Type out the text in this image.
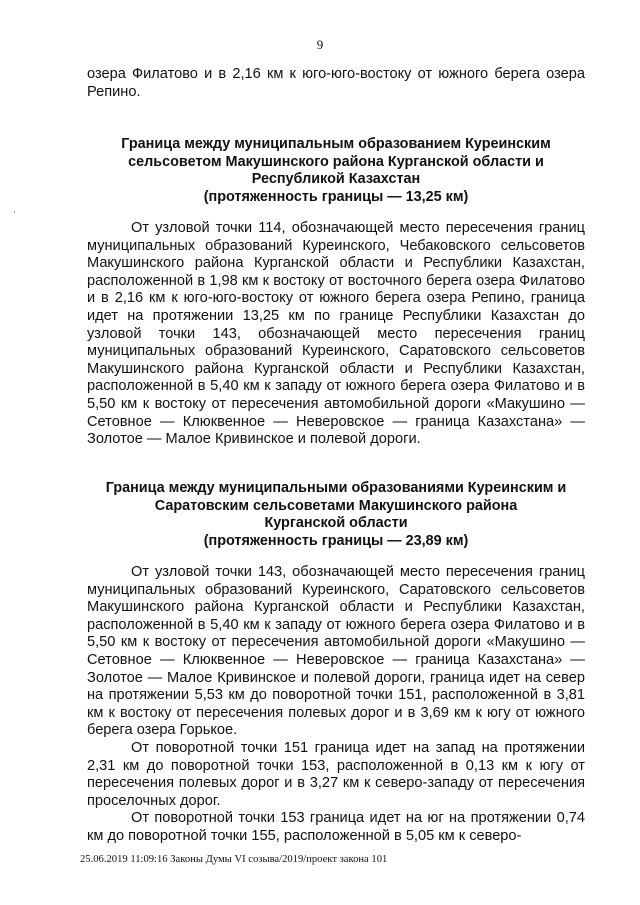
9

озера Филатово и в 2,16 км к юго-юго-востоку от южного берега озера Репино.

Граница между муниципальным образованием Куреинским
сельсоветом Макушинского района Курганской области и
Республикой Казахстан
(протяженность границы — 13,25 км)

От узловой точки 114, обозначающей место пересечения границ муниципальных образований Куреинского, Чебаковского сельсоветов Макушинского района Курганской области и Республики Казахстан, расположенной в 1,98 км к востоку от восточного берега озера Филатово и в 2,16 км к юго-юго-востоку от южного берега озера Репино, граница идет на протяжении 13,25 км по границе Республики Казахстан до узловой точки 143, обозначающей место пересечения границ муниципальных образований Куреинского, Саратовского сельсоветов Макушинского района Курганской области и Республики Казахстан, расположенной в 5,40 км к западу от южного берега озера Филатово и в 5,50 км к востоку от пересечения автомобильной дороги «Макушино — Сетовное — Клюквенное — Неверовское — граница Казахстана» — Золотое — Малое Кривинское и полевой дороги.

Граница между муниципальными образованиями Куреинским и
Саратовским сельсоветами Макушинского района
Курганской области
(протяженность границы — 23,89 км)

От узловой точки 143, обозначающей место пересечения границ муниципальных образований Куреинского, Саратовского сельсоветов Макушинского района Курганской области и Республики Казахстан, расположенной в 5,40 км к западу от южного берега озера Филатово и в 5,50 км к востоку от пересечения автомобильной дороги «Макушино — Сетовное — Клюквенное — Неверовское — граница Казахстана» — Золотое — Малое Кривинское и полевой дороги, граница идет на север на протяжении 5,53 км до поворотной точки 151, расположенной в 3,81 км к востоку от пересечения полевых дорог и в 3,69 км к югу от южного берега озера Горькое.

От поворотной точки 151 граница идет на запад на протяжении 2,31 км до поворотной точки 153, расположенной в 0,13 км к югу от пересечения полевых дорог и в 3,27 км к северо-западу от пересечения проселочных дорог.

От поворотной точки 153 граница идет на юг на протяжении 0,74 км до поворотной точки 155, расположенной в 5,05 км к северо-

25.06.2019 11:09:16 Законы Думы VI созыва/2019/проект закона 101
